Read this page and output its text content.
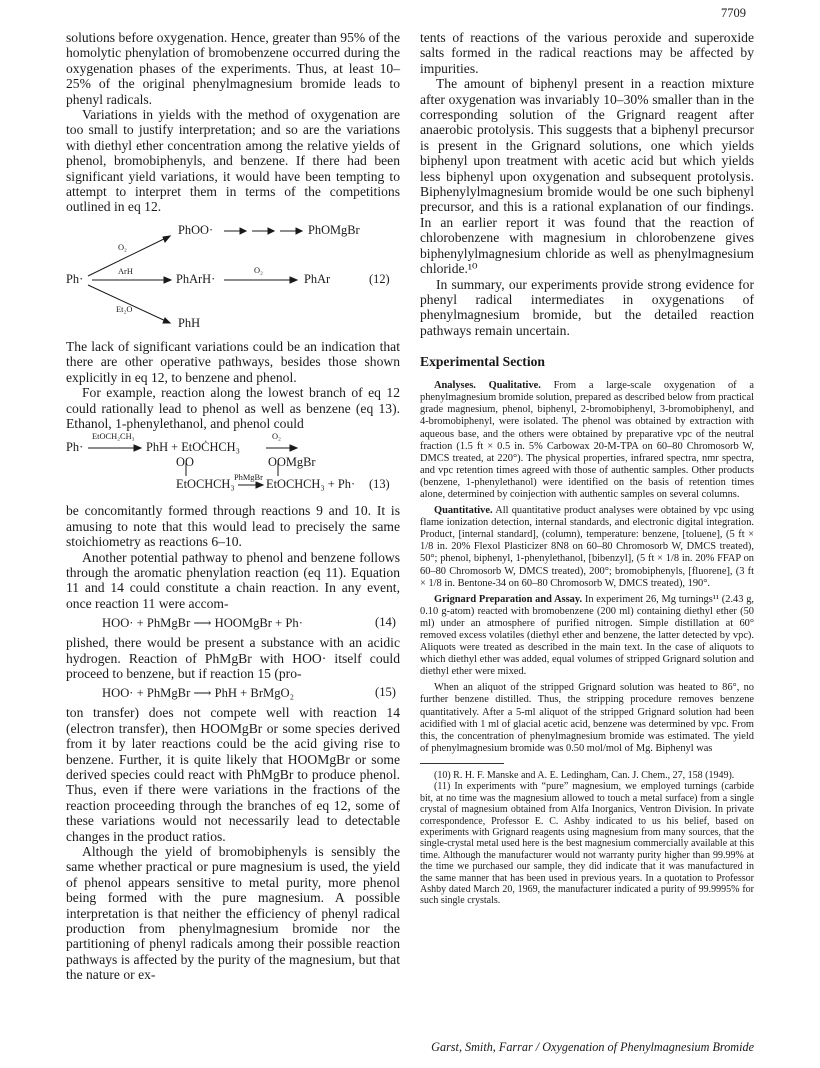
7709

solutions before oxygenation. Hence, greater than 95% of the homolytic phenylation of bromobenzene occurred during the oxygenation phases of the experiments. Thus, at least 10–25% of the original phenylmagnesium bromide leads to phenyl radicals.

Variations in yields with the method of oxygenation are too small to justify interpretation; and so are the variations with diethyl ether concentration among the relative yields of phenol, bromobiphenyls, and benzene. If there had been significant yield variations, it would have been tempting to attempt to interpret them in terms of the competitions outlined in eq 12.

PhOO·	PhOMgBr
O₂
ArH
Ph·	PhArH·
O₂
PhAr	(12)
Et₂O
PhH

The lack of significant variations could be an indication that there are other operative pathways, besides those shown explicitly in eq 12, to benzene and phenol.

For example, reaction along the lowest branch of eq 12 could rationally lead to phenol as well as benzene (eq 13). Ethanol, 1-phenylethanol, and phenol could

Ph·
EtOCH₂CH₃
PhH + EtOĊHCH₃
O₂
OO	OOMgBr
PhMgBr
EtOCHCH₃	EtOCHCH₃ + Ph· (13)

be concomitantly formed through reactions 9 and 10. It is amusing to note that this would lead to precisely the same stoichiometry as reactions 6–10.

Another potential pathway to phenol and benzene follows through the aromatic phenylation reaction (eq 11). Equation 11 and 14 could constitute a chain reaction. In any event, once reaction 11 were accom-

HOO· + PhMgBr ⟶ HOOMgBr + Ph·	(14)

plished, there would be present a substance with an acidic hydrogen. Reaction of PhMgBr with HOO· itself could proceed to benzene, but if reaction 15 (pro-

HOO· + PhMgBr ⟶ PhH + BrMgO₂	(15)

ton transfer) does not compete well with reaction 14 (electron transfer), then HOOMgBr or some species derived from it by later reactions could be the acid giving rise to benzene. Further, it is quite likely that HOOMgBr or some derived species could react with PhMgBr to produce phenol. Thus, even if there were variations in the fractions of the reaction proceeding through the branches of eq 12, some of these variations would not necessarily lead to detectable changes in the product ratios.

Although the yield of bromobiphenyls is sensibly the same whether practical or pure magnesium is used, the yield of phenol appears sensitive to metal purity, more phenol being formed with the pure magnesium. A possible interpretation is that neither the efficiency of phenyl radical production from phenylmagnesium bromide nor the partitioning of phenyl radicals among their possible reaction pathways is affected by the purity of the magnesium, but that the nature or ex-

tents of reactions of the various peroxide and superoxide salts formed in the radical reactions may be affected by impurities.

The amount of biphenyl present in a reaction mixture after oxygenation was invariably 10–30% smaller than in the corresponding solution of the Grignard reagent after anaerobic protolysis. This suggests that a biphenyl precursor is present in the Grignard solutions, one which yields biphenyl upon treatment with acetic acid but which yields less biphenyl upon oxygenation and subsequent protolysis. Biphenylylmagnesium bromide would be one such biphenyl precursor, and this is a rational explanation of our findings. In an earlier report it was found that the reaction of chlorobenzene with magnesium in chlorobenzene gives biphenylylmagnesium chloride as well as phenylmagnesium chloride.¹⁰

In summary, our experiments provide strong evidence for phenyl radical intermediates in oxygenations of phenylmagnesium bromide, but the detailed reaction pathways remain uncertain.

Experimental Section

Analyses. Qualitative. From a large-scale oxygenation of a phenylmagnesium bromide solution, prepared as described below from practical grade magnesium, phenol, biphenyl, 2-bromobiphenyl, 3-bromobiphenyl, and 4-bromobiphenyl, were isolated. The phenol was obtained by extraction with aqueous base, and the others were obtained by preparative vpc of the neutral fraction (1.5 ft × 0.5 in. 5% Carbowax 20-M-TPA on 60–80 Chromosorb W, DMCS treated, at 220°). The physical properties, infrared spectra, nmr spectra, and vpc retention times agreed with those of authentic samples. Other products (benzene, 1-phenylethanol) were identified on the basis of retention times alone, determined by coinjection with authentic samples on several columns.

Quantitative. All quantitative product analyses were obtained by vpc using flame ionization detection, internal standards, and electronic digital integration. Product, [internal standard], (column), temperature: benzene, [toluene], (5 ft × 1/8 in. 20% Flexol Plasticizer 8N8 on 60–80 Chromosorb W, DMCS treated), 50°; phenol, biphenyl, 1-phenylethanol, [bibenzyl], (5 ft × 1/8 in. 20% FFAP on 60–80 Chromosorb W, DMCS treated), 200°; bromobiphenyls, [fluorene], (3 ft × 1/8 in. Bentone-34 on 60–80 Chromosorb W, DMCS treated), 190°.

Grignard Preparation and Assay. In experiment 26, Mg turnings¹¹ (2.43 g, 0.10 g-atom) reacted with bromobenzene (200 ml) containing diethyl ether (50 ml) under an atmosphere of purified nitrogen. Simple distillation at 60° removed excess volatiles (diethyl ether and benzene, the latter detected by vpc). Aliquots were treated as described in the main text. In the case of aliquots to which diethyl ether was added, equal volumes of stripped Grignard solution and diethyl ether were mixed.

When an aliquot of the stripped Grignard solution was heated to 86°, no further benzene distilled. Thus, the stripping procedure removes benzene quantitatively. After a 5-ml aliquot of the stripped Grignard solution had been acidified with 1 ml of glacial acetic acid, benzene was determined by vpc. From this, the concentration of phenylmagnesium bromide was estimated. The yield of phenylmagnesium bromide was 0.50 mol/mol of Mg. Biphenyl was

(10) R. H. F. Manske and A. E. Ledingham, Can. J. Chem., 27, 158 (1949).

(11) In experiments with “pure” magnesium, we employed turnings (carbide bit, at no time was the magnesium allowed to touch a metal surface) from a single crystal of magnesium obtained from Alfa Inorganics, Ventron Division. In private correspondence, Professor E. C. Ashby indicated to us his belief, based on experiments with Grignard reagents using magnesium from many sources, that the single-crystal metal used here is the best magnesium commercially available at this time. Although the manufacturer would not warranty purity higher than 99.99% at the time we purchased our sample, they did indicate that it was manufactured in the same manner that has been used in previous years. In a quotation to Professor Ashby dated March 20, 1969, the manufacturer indicated a purity of 99.9995% for such single crystals.

Garst, Smith, Farrar / Oxygenation of Phenylmagnesium Bromide
